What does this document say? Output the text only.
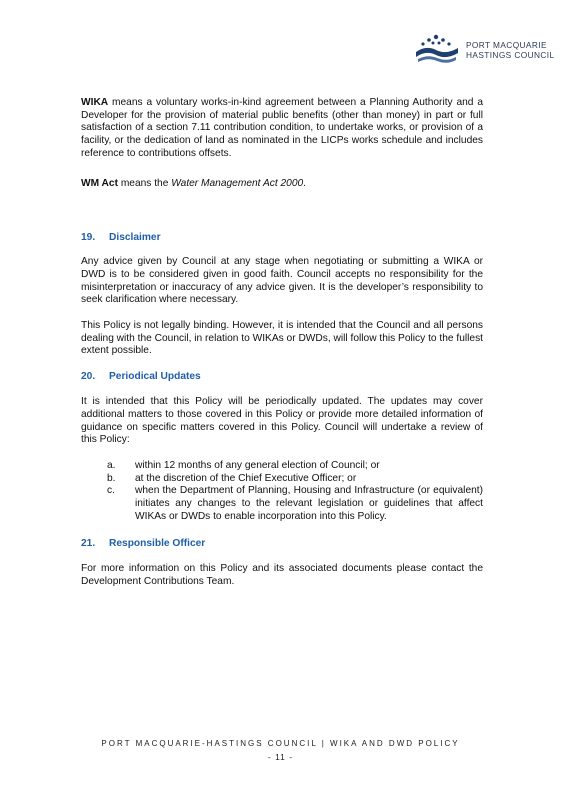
PORT MACQUARIE
HASTINGS COUNCIL

WIKA means a voluntary works-in-kind agreement between a Planning Authority and a Developer for the provision of material public benefits (other than money) in part or full satisfaction of a section 7.11 contribution condition, to undertake works, or provision of a facility, or the dedication of land as nominated in the LICPs works schedule and includes reference to contributions offsets.

WM Act means the Water Management Act 2000.

19. Disclaimer

Any advice given by Council at any stage when negotiating or submitting a WIKA or DWD is to be considered given in good faith. Council accepts no responsibility for the misinterpretation or inaccuracy of any advice given. It is the developer’s responsibility to seek clarification where necessary.

This Policy is not legally binding. However, it is intended that the Council and all persons dealing with the Council, in relation to WIKAs or DWDs, will follow this Policy to the fullest extent possible.

20. Periodical Updates

It is intended that this Policy will be periodically updated. The updates may cover additional matters to those covered in this Policy or provide more detailed information of guidance on specific matters covered in this Policy. Council will undertake a review of this Policy:

a. within 12 months of any general election of Council; or
b. at the discretion of the Chief Executive Officer; or
c. when the Department of Planning, Housing and Infrastructure (or equivalent) initiates any changes to the relevant legislation or guidelines that affect WIKAs or DWDs to enable incorporation into this Policy.
21. Responsible Officer

For more information on this Policy and its associated documents please contact the Development Contributions Team.

PORT MACQUARIE-HASTINGS COUNCIL | WIKA AND DWD POLICY
- 11 -
